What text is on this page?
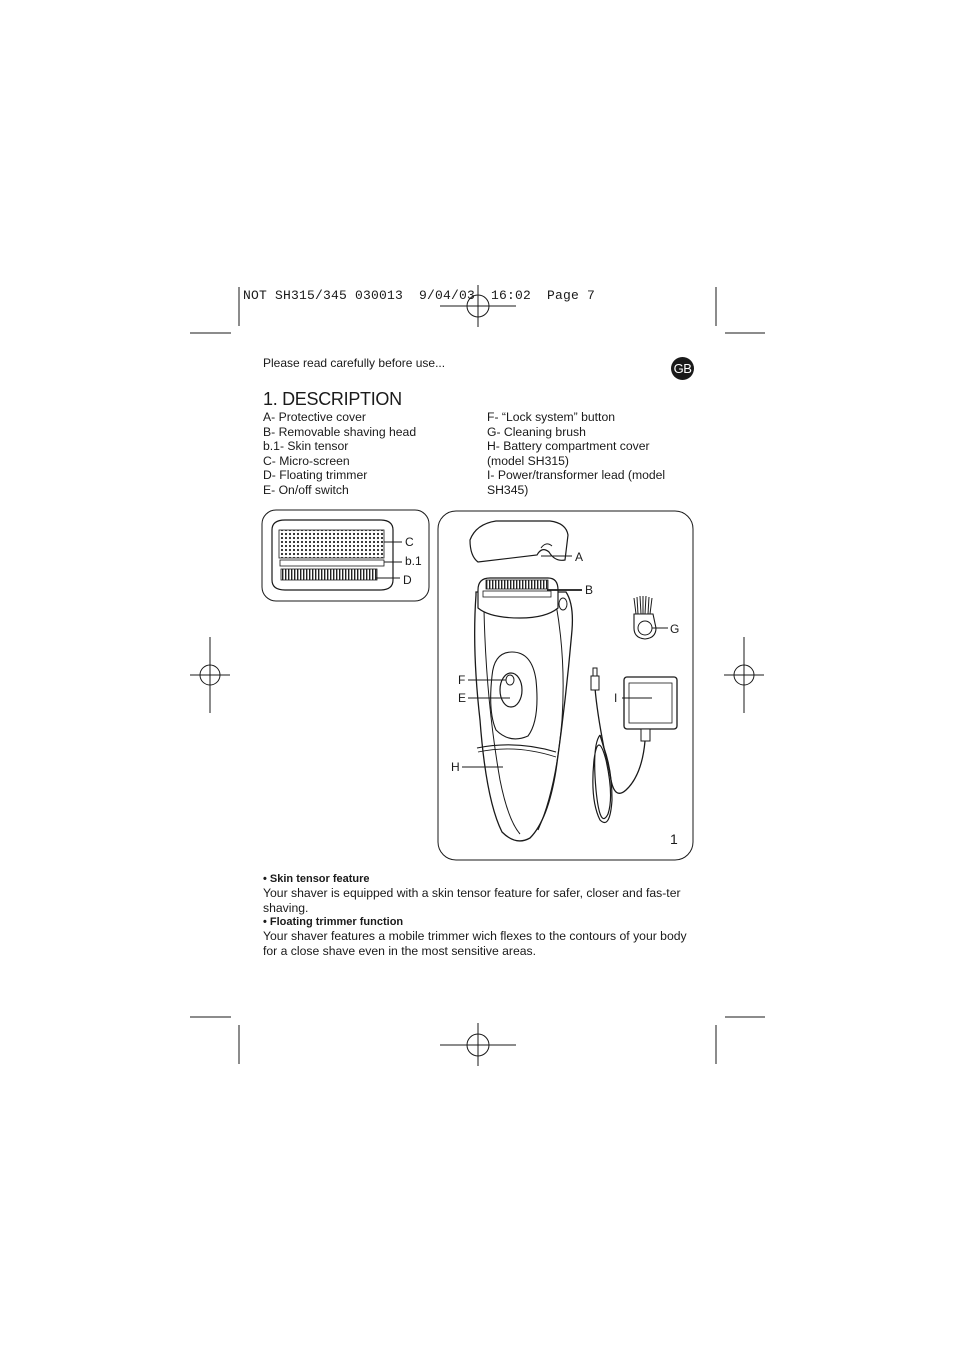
NOT SH315/345 030013  9/04/03  16:02  Page 7
Please read carefully before use...	GB
1. DESCRIPTION
A- Protective cover
B- Removable shaving head
b.1- Skin tensor
C- Micro-screen
D- Floating trimmer
E- On/off switch
F- “Lock system” button
G- Cleaning brush
H- Battery compartment cover
(model SH315)
I- Power/transformer lead (model
SH345)
C
b.1
D
A
B
F
E
H
G
I
1
• Skin tensor feature
Your shaver is equipped with a skin tensor feature for safer, closer and fas-ter shaving.
• Floating trimmer function
Your shaver features a mobile trimmer wich flexes to the contours of your body for a close shave even in the most sensitive areas.
